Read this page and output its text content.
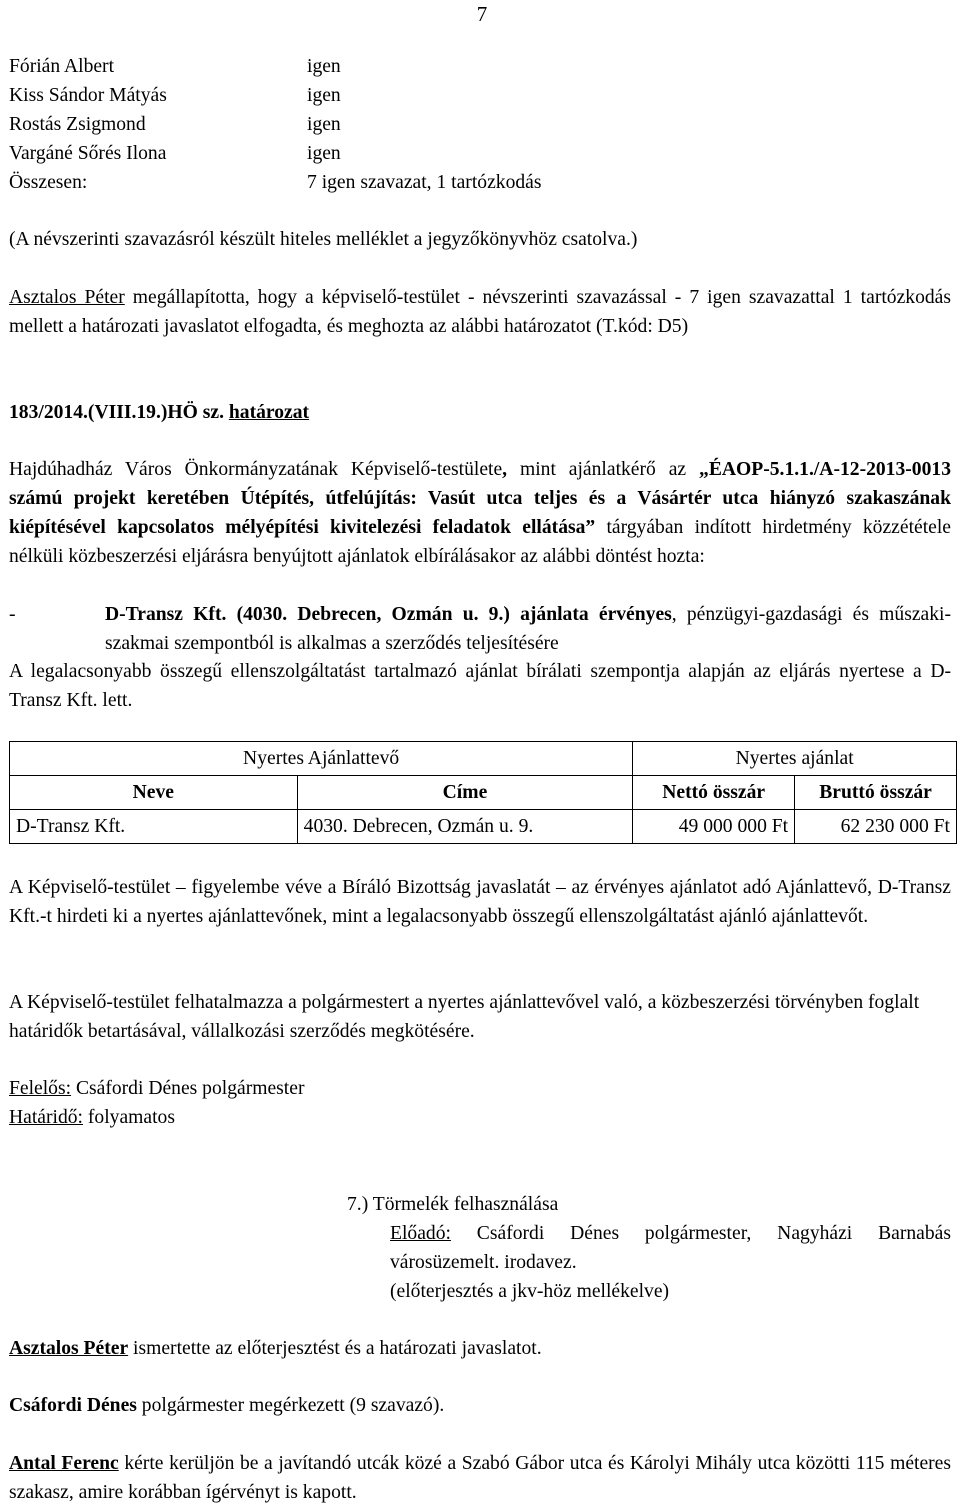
7
Fórián Albert	igen
Kiss Sándor Mátyás	igen
Rostás Zsigmond	igen
Vargáné Sőrés Ilona	igen
Összesen:	7 igen szavazat, 1 tartózkodás
(A névszerinti szavazásról készült hiteles melléklet a jegyzőkönyvhöz csatolva.)
Asztalos Péter megállapította, hogy a képviselő-testület - névszerinti szavazással - 7 igen szavazattal 1 tartózkodás mellett a határozati javaslatot elfogadta, és meghozta az alábbi határozatot (T.kód: D5)
183/2014.(VIII.19.)HÖ sz. határozat
Hajdúhadház Város Önkormányzatának Képviselő-testülete, mint ajánlatkérő az „ÉAOP-5.1.1./A-12-2013-0013 számú projekt keretében Útépítés, útfelújítás: Vasút utca teljes és a Vásártér utca hiányzó szakaszának kiépítésével kapcsolatos mélyépítési kivitelezési feladatok ellátása” tárgyában indított hirdetmény közzététele nélküli közbeszerzési eljárásra benyújtott ajánlatok elbírálásakor az alábbi döntést hozta:
-	D-Transz Kft. (4030. Debrecen, Ozmán u. 9.) ajánlata érvényes, pénzügyi-gazdasági és műszaki-szakmai szempontból is alkalmas a szerződés teljesítésére
A legalacsonyabb összegű ellenszolgáltatást tartalmazó ajánlat bírálati szempontja alapján az eljárás nyertese a D-Transz Kft. lett.
Nyertes Ajánlattevő		Nyertes ajánlat	
Neve	Címe	Nettó összár	Bruttó összár
D-Transz Kft.	4030. Debrecen, Ozmán u. 9.	49 000 000 Ft	62 230 000 Ft
A Képviselő-testület – figyelembe véve a Bíráló Bizottság javaslatát – az érvényes ajánlatot adó Ajánlattevő, D-Transz Kft.-t hirdeti ki a nyertes ajánlattevőnek, mint a legalacsonyabb összegű ellenszolgáltatást ajánló ajánlattevőt.
A Képviselő-testület felhatalmazza a polgármestert a nyertes ajánlattevővel való, a közbeszerzési törvényben foglalt határidők betartásával, vállalkozási szerződés megkötésére.
Felelős: Csáfordi Dénes polgármester
Határidő: folyamatos
7.) Törmelék felhasználása
Előadó: Csáfordi Dénes polgármester, Nagyházi Barnabás városüzemelt. irodavez.
(előterjesztés a jkv-höz mellékelve)
Asztalos Péter ismertette az előterjesztést és a határozati javaslatot.
Csáfordi Dénes polgármester megérkezett (9 szavazó).
Antal Ferenc kérte kerüljön be a javítandó utcák közé a Szabó Gábor utca és Károlyi Mihály utca közötti 115 méteres szakasz, amire korábban ígérvényt is kapott.
